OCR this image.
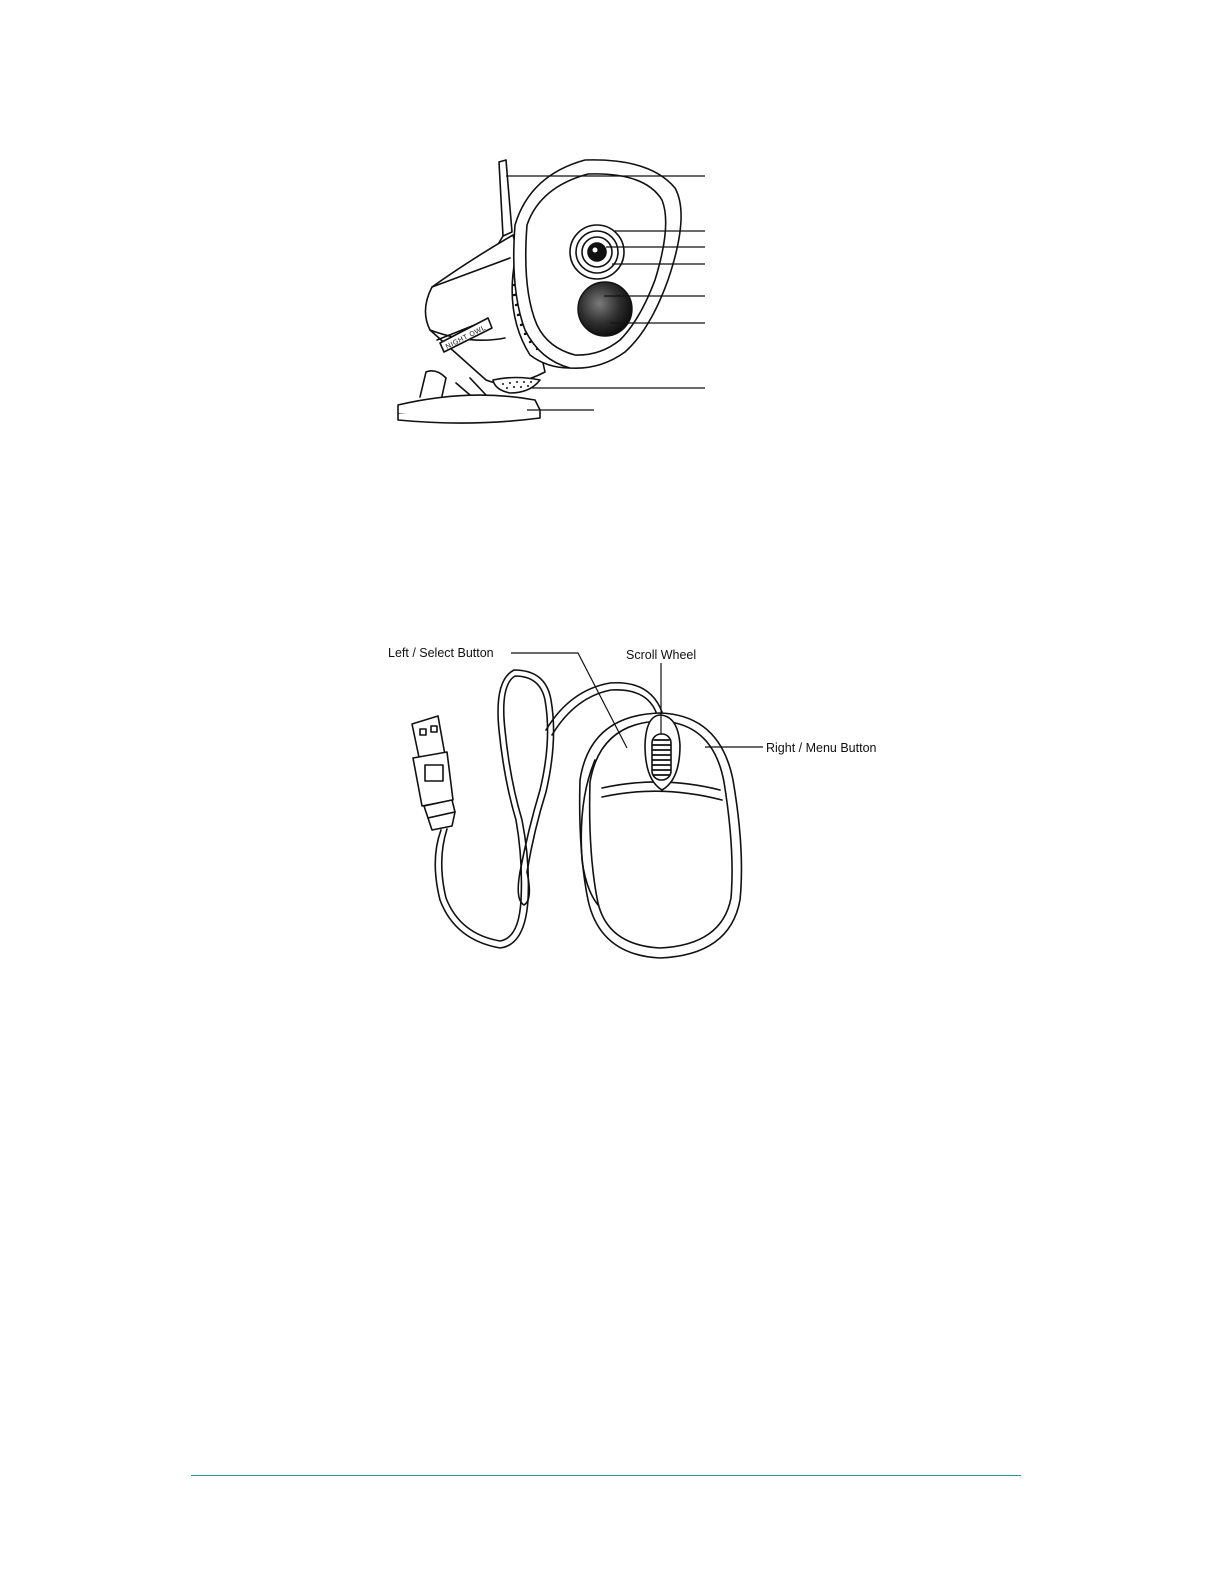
NIGHT OWL
Left / Select Button	Scroll Wheel
Right / Menu Button
